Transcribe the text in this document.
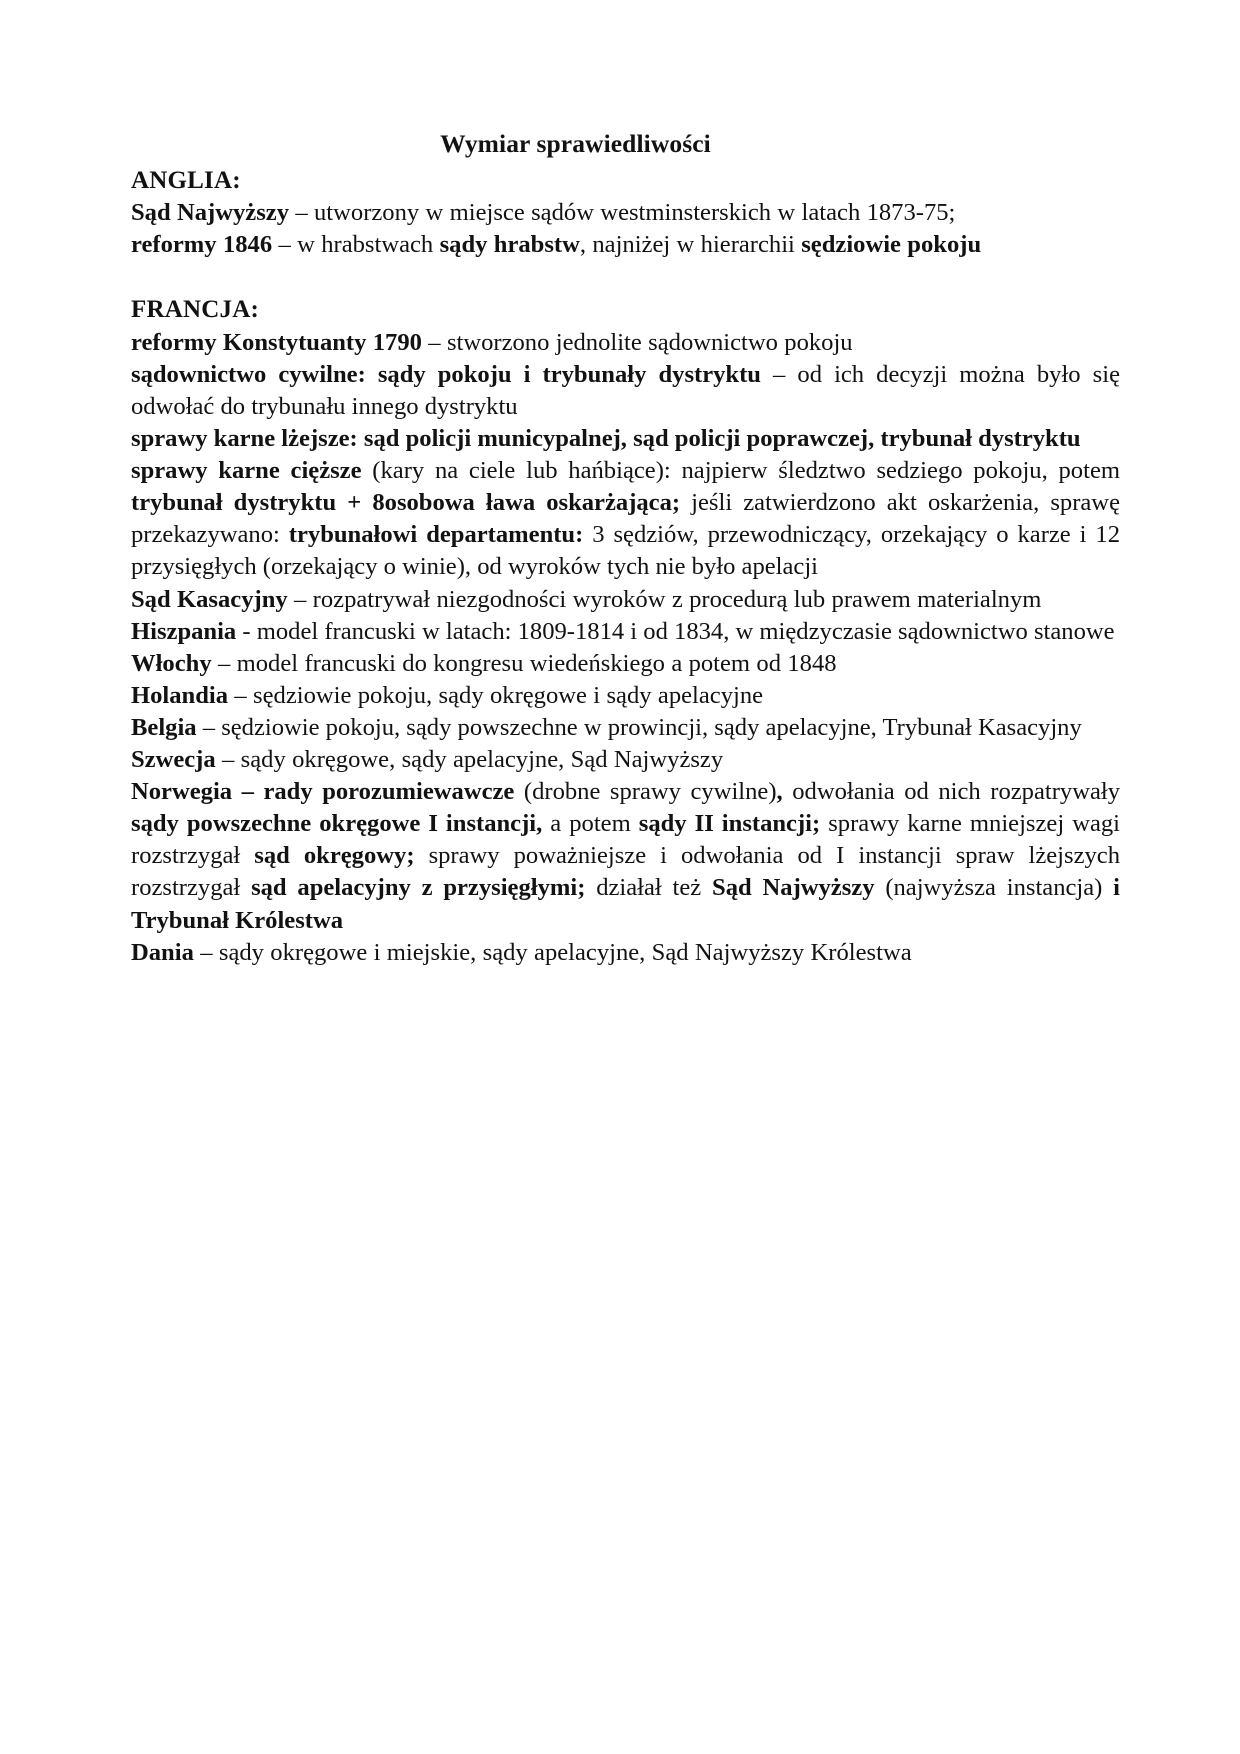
Wymiar sprawiedliwości
ANGLIA:

Sąd Najwyższy – utworzony w miejsce sądów westminsterskich w latach 1873-75;

reformy 1846 – w hrabstwach sądy hrabstw, najniżej w hierarchii sędziowie pokoju

FRANCJA:

reformy Konstytuanty 1790 – stworzono jednolite sądownictwo pokoju

sądownictwo cywilne: sądy pokoju i trybunały dystryktu – od ich decyzji można było się odwołać do trybunału innego dystryktu

sprawy karne lżejsze: sąd policji municypalnej, sąd policji poprawczej, trybunał dystryktu

sprawy karne cięższe (kary na ciele lub hańbiące): najpierw śledztwo sedziego pokoju, potem trybunał dystryktu + 8osobowa ława oskarżająca; jeśli zatwierdzono akt oskarżenia, sprawę przekazywano: trybunałowi departamentu: 3 sędziów, przewodniczący, orzekający o karze i 12 przysięgłych (orzekający o winie), od wyroków tych nie było apelacji

Sąd Kasacyjny – rozpatrywał niezgodności wyroków z procedurą lub prawem materialnym

Hiszpania - model francuski w latach: 1809-1814 i od 1834, w międzyczasie sądownictwo stanowe

Włochy – model francuski do kongresu wiedeńskiego a potem od 1848

Holandia – sędziowie pokoju, sądy okręgowe i sądy apelacyjne

Belgia – sędziowie pokoju, sądy powszechne w prowincji, sądy apelacyjne, Trybunał Kasacyjny

Szwecja – sądy okręgowe, sądy apelacyjne, Sąd Najwyższy

Norwegia – rady porozumiewawcze (drobne sprawy cywilne), odwołania od nich rozpatrywały sądy powszechne okręgowe I instancji, a potem sądy II instancji; sprawy karne mniejszej wagi rozstrzygał sąd okręgowy; sprawy poważniejsze i odwołania od I instancji spraw lżejszych rozstrzygał sąd apelacyjny z przysięgłymi; działał też Sąd Najwyższy (najwyższa instancja) i Trybunał Królestwa

Dania – sądy okręgowe i miejskie, sądy apelacyjne, Sąd Najwyższy Królestwa
